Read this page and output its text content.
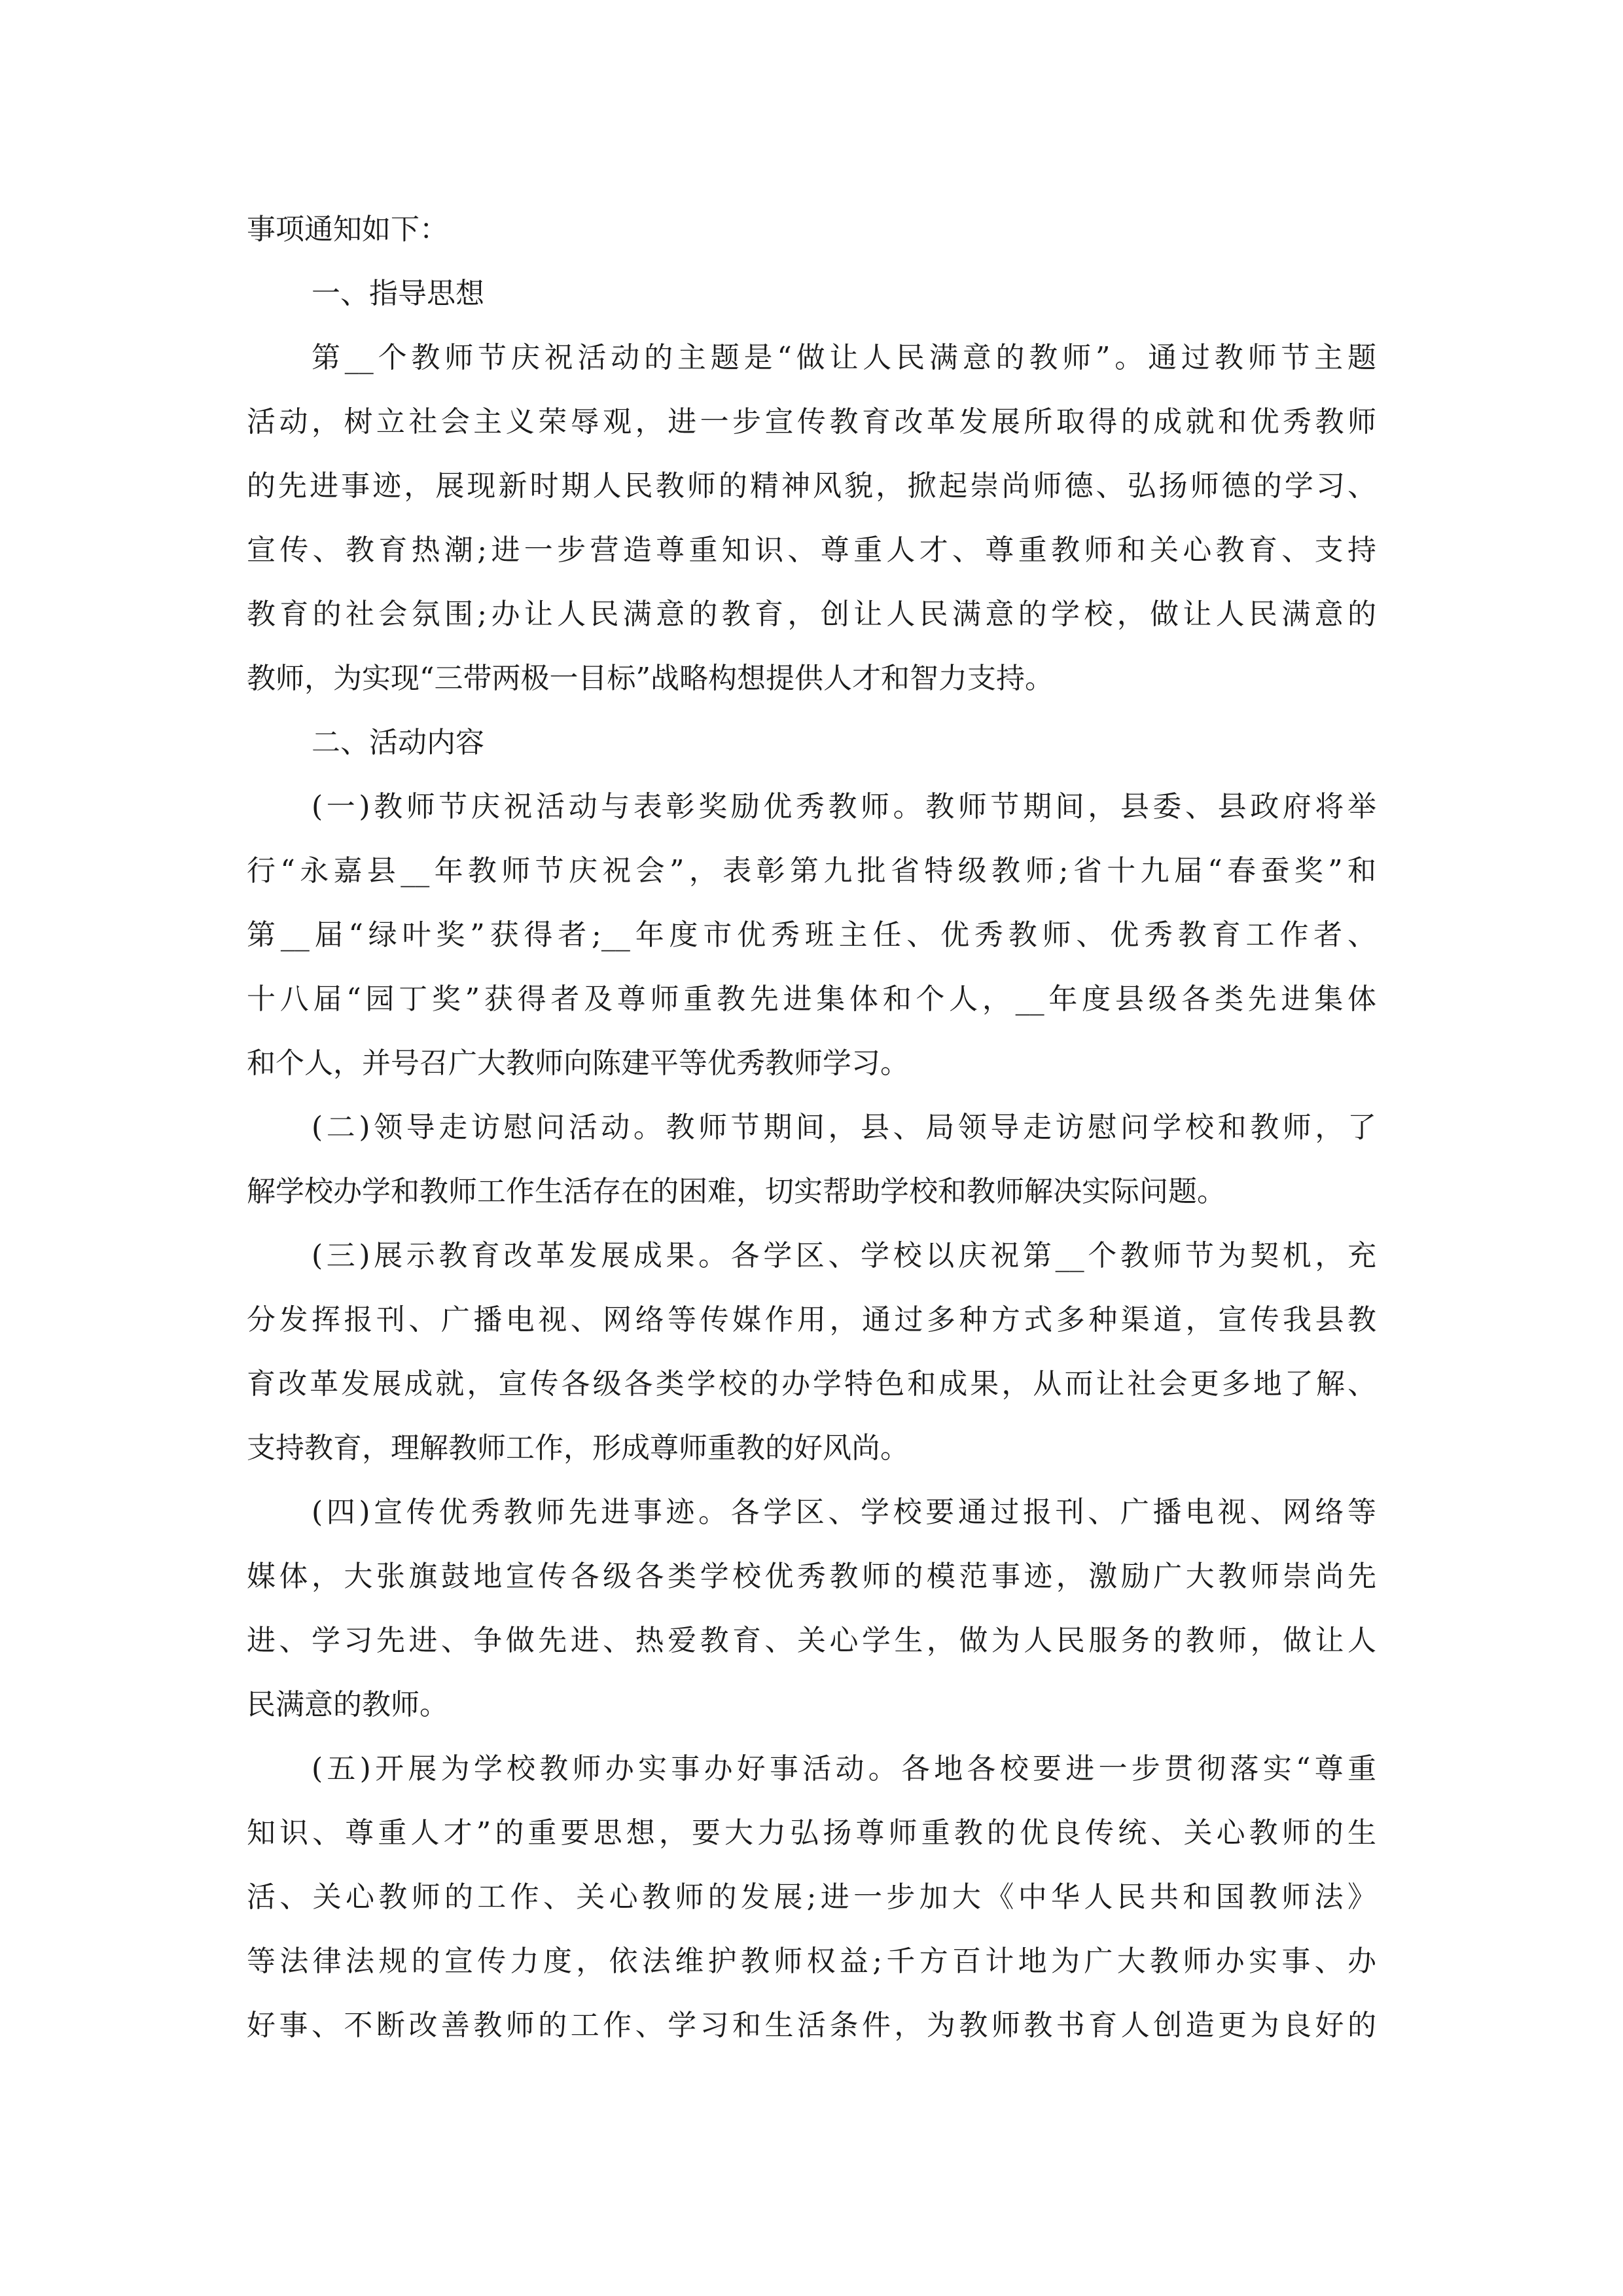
事项通知如下：
一、指导思想
第__个教师节庆祝活动的主题是“做让人民满意的教师”。通过教师节主题
活动，树立社会主义荣辱观，进一步宣传教育改革发展所取得的成就和优秀教师
的先进事迹，展现新时期人民教师的精神风貌，掀起崇尚师德、弘扬师德的学习、
宣传、教育热潮;进一步营造尊重知识、尊重人才、尊重教师和关心教育、支持
教育的社会氛围;办让人民满意的教育，创让人民满意的学校，做让人民满意的
教师，为实现“三带两极一目标”战略构想提供人才和智力支持。
二、活动内容
(一)教师节庆祝活动与表彰奖励优秀教师。教师节期间，县委、县政府将举
行“永嘉县__年教师节庆祝会”，表彰第九批省特级教师;省十九届“春蚕奖”和
第__届“绿叶奖”获得者;__年度市优秀班主任、优秀教师、优秀教育工作者、
十八届“园丁奖”获得者及尊师重教先进集体和个人，__年度县级各类先进集体
和个人，并号召广大教师向陈建平等优秀教师学习。
(二)领导走访慰问活动。教师节期间，县、局领导走访慰问学校和教师，了
解学校办学和教师工作生活存在的困难，切实帮助学校和教师解决实际问题。
(三)展示教育改革发展成果。各学区、学校以庆祝第__个教师节为契机，充
分发挥报刊、广播电视、网络等传媒作用，通过多种方式多种渠道，宣传我县教
育改革发展成就，宣传各级各类学校的办学特色和成果，从而让社会更多地了解、
支持教育，理解教师工作，形成尊师重教的好风尚。
(四)宣传优秀教师先进事迹。各学区、学校要通过报刊、广播电视、网络等
媒体，大张旗鼓地宣传各级各类学校优秀教师的模范事迹，激励广大教师崇尚先
进、学习先进、争做先进、热爱教育、关心学生，做为人民服务的教师，做让人
民满意的教师。
(五)开展为学校教师办实事办好事活动。各地各校要进一步贯彻落实“尊重
知识、尊重人才”的重要思想，要大力弘扬尊师重教的优良传统、关心教师的生
活、关心教师的工作、关心教师的发展;进一步加大《中华人民共和国教师法》
等法律法规的宣传力度，依法维护教师权益;千方百计地为广大教师办实事、办
好事、不断改善教师的工作、学习和生活条件，为教师教书育人创造更为良好的
